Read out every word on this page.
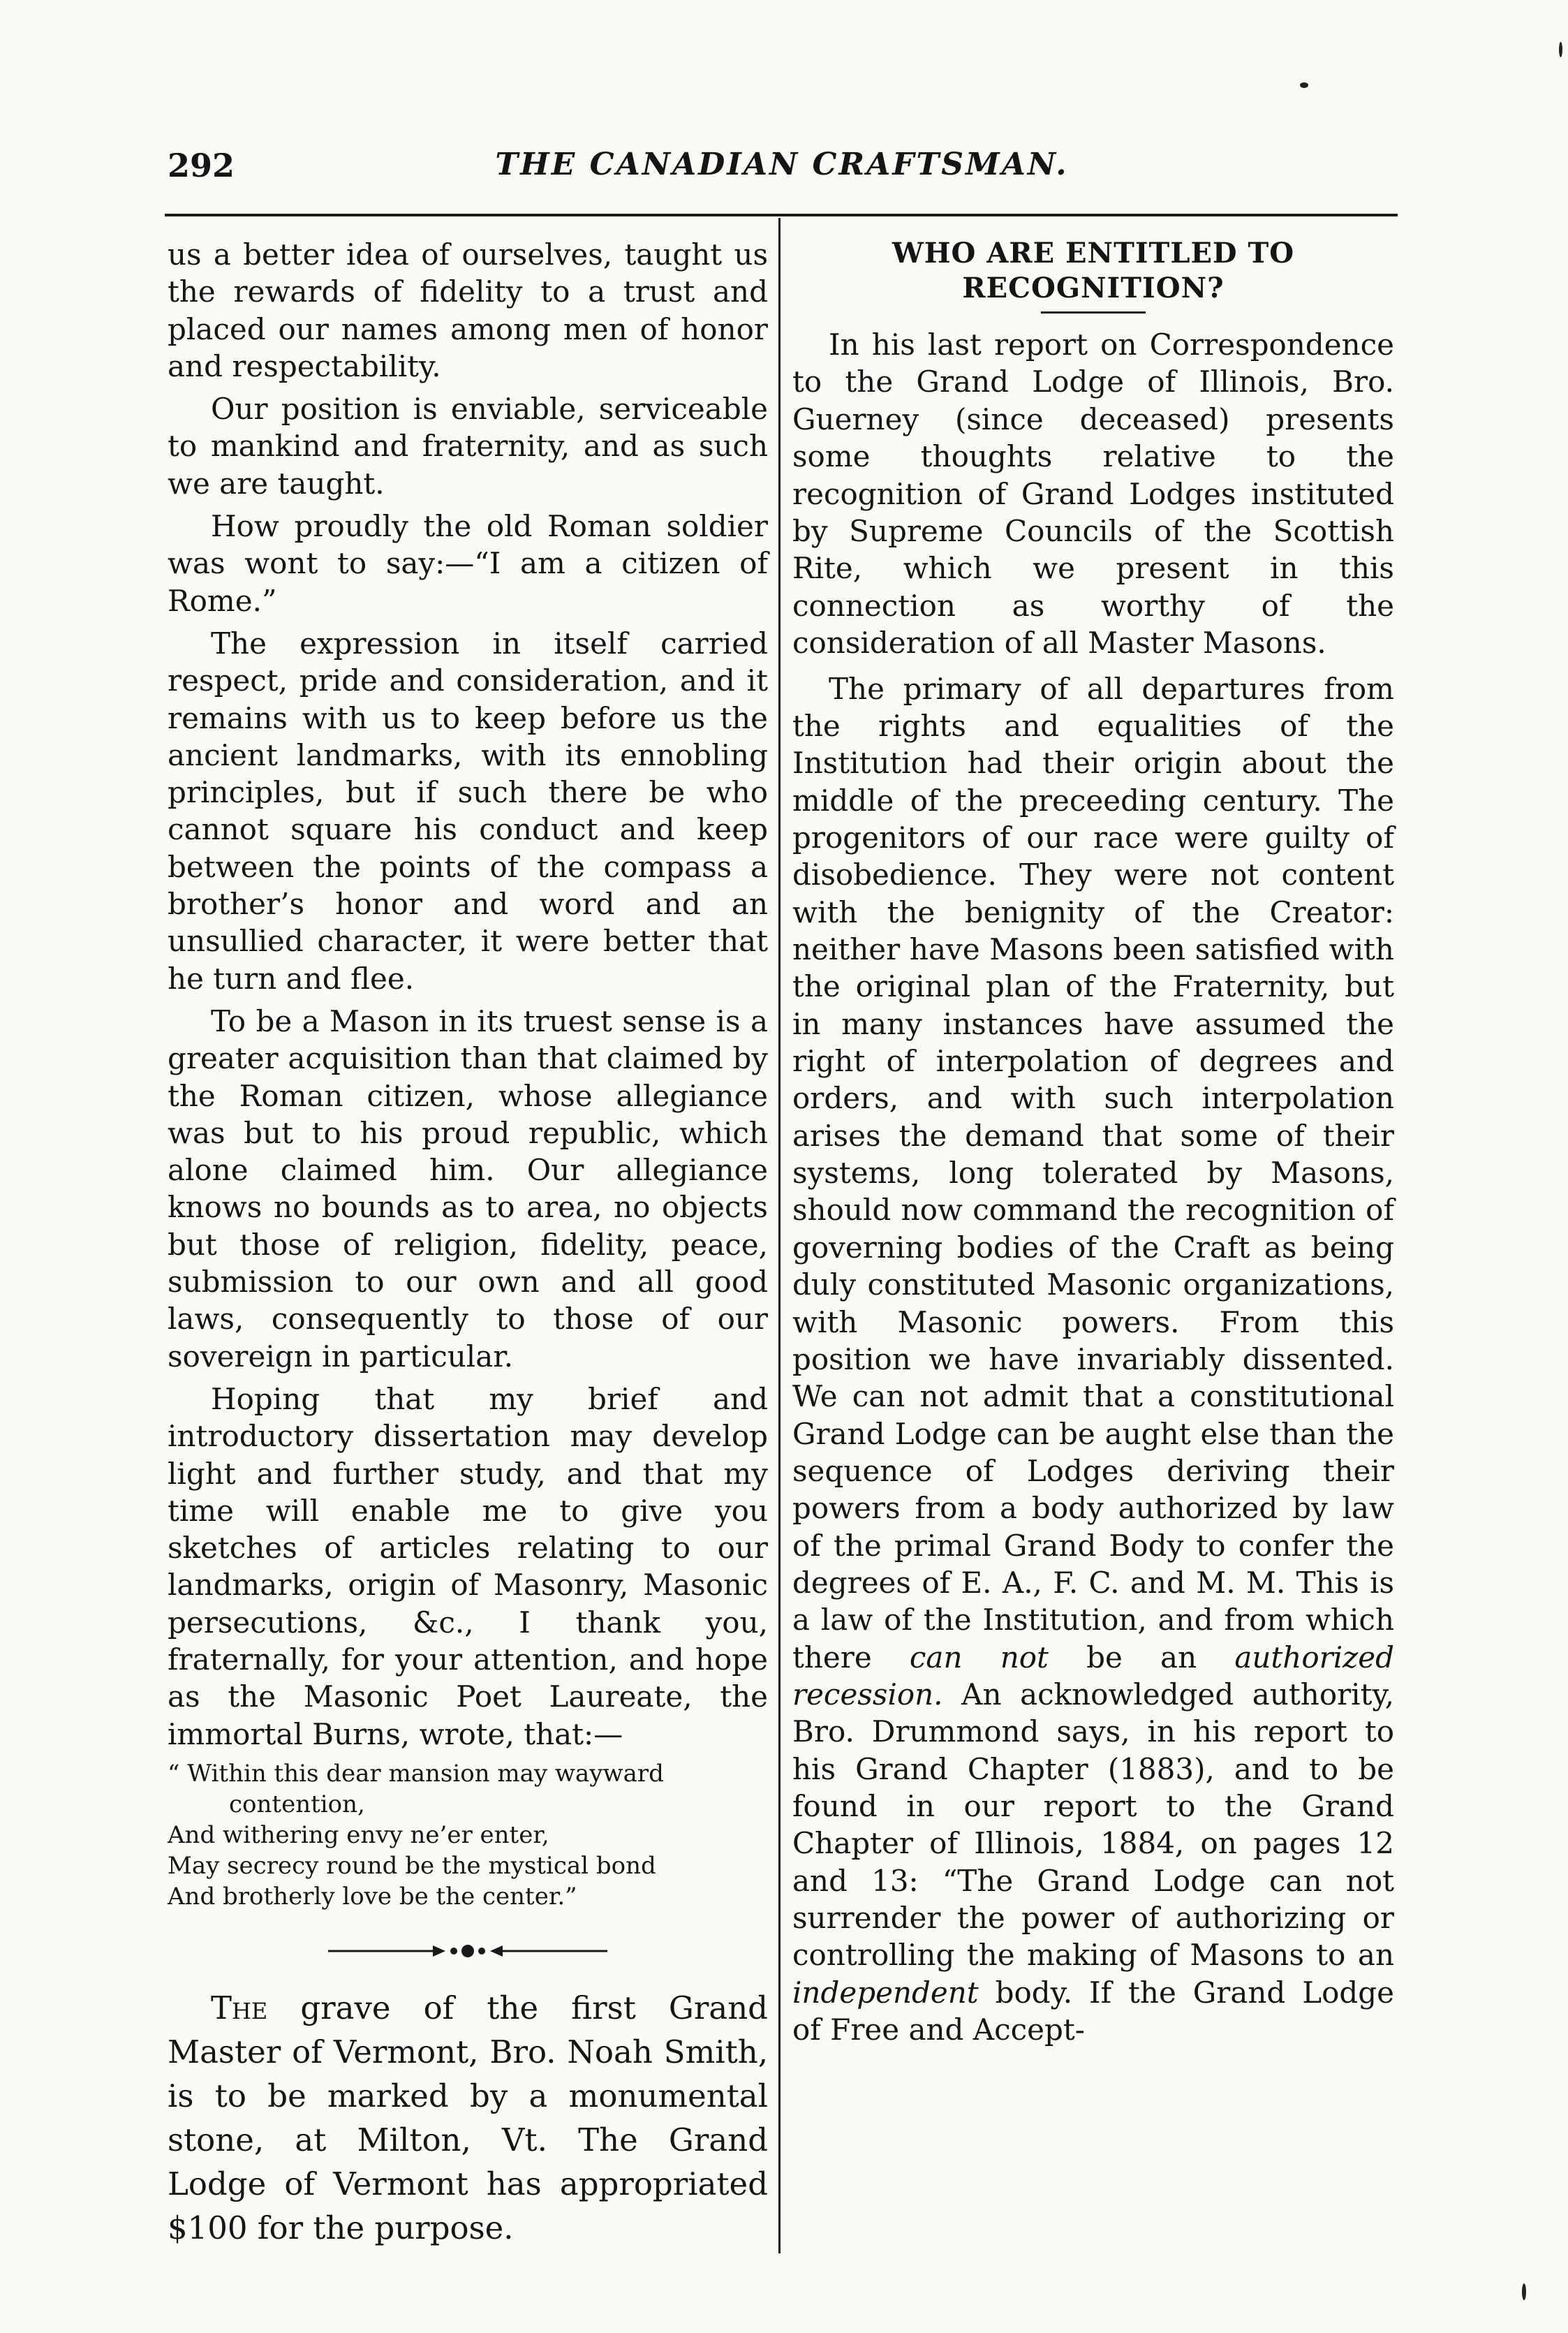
292	THE CANADIAN CRAFTSMAN.

us a better idea of ourselves, taught us the rewards of fidelity to a trust and placed our names among men of honor and respectability.

Our position is enviable, serviceable to mankind and fraternity, and as such we are taught.

How proudly the old Roman soldier was wont to say:—“I am a citizen of Rome.”

The expression in itself carried respect, pride and consideration, and it remains with us to keep before us the ancient landmarks, with its ennobling principles, but if such there be who cannot square his conduct and keep between the points of the compass a brother’s honor and word and an unsullied character, it were better that he turn and flee.

To be a Mason in its truest sense is a greater acquisition than that claimed by the Roman citizen, whose allegiance was but to his proud republic, which alone claimed him. Our allegiance knows no bounds as to area, no objects but those of religion, fidelity, peace, submission to our own and all good laws, consequently to those of our sovereign in particular.

Hoping that my brief and introductory dissertation may develop light and further study, and that my time will enable me to give you sketches of articles relating to our landmarks, origin of Masonry, Masonic persecutions, &c., I thank you, fraternally, for your attention, and hope as the Masonic Poet Laureate, the immortal Burns, wrote, that:—

“ Within this dear mansion may wayward
contention,
And withering envy ne’er enter,
May secrecy round be the mystical bond
And brotherly love be the center.”

The grave of the first Grand Master of Vermont, Bro. Noah Smith, is to be marked by a monumental stone, at Milton, Vt. The Grand Lodge of Vermont has appropriated $100 for the purpose.

WHO ARE ENTITLED TO RECOGNITION?

In his last report on Correspondence to the Grand Lodge of Illinois, Bro. Guerney (since deceased) presents some thoughts relative to the recognition of Grand Lodges instituted by Supreme Councils of the Scottish Rite, which we present in this connection as worthy of the consideration of all Master Masons.

The primary of all departures from the rights and equalities of the Institution had their origin about the middle of the preceeding century. The progenitors of our race were guilty of disobedience. They were not content with the benignity of the Creator: neither have Masons been satisfied with the original plan of the Fraternity, but in many instances have assumed the right of interpolation of degrees and orders, and with such interpolation arises the demand that some of their systems, long tolerated by Masons, should now command the recognition of governing bodies of the Craft as being duly constituted Masonic organizations, with Masonic powers. From this position we have invariably dissented. We can not admit that a constitutional Grand Lodge can be aught else than the sequence of Lodges deriving their powers from a body authorized by law of the primal Grand Body to confer the degrees of E. A., F. C. and M. M. This is a law of the Institution, and from which there can not be an authorized recession. An acknowledged authority, Bro. Drummond says, in his report to his Grand Chapter (1883), and to be found in our report to the Grand Chapter of Illinois, 1884, on pages 12 and 13: “The Grand Lodge can not surrender the power of authorizing or controlling the making of Masons to an independent body. If the Grand Lodge of Free and Accept-
